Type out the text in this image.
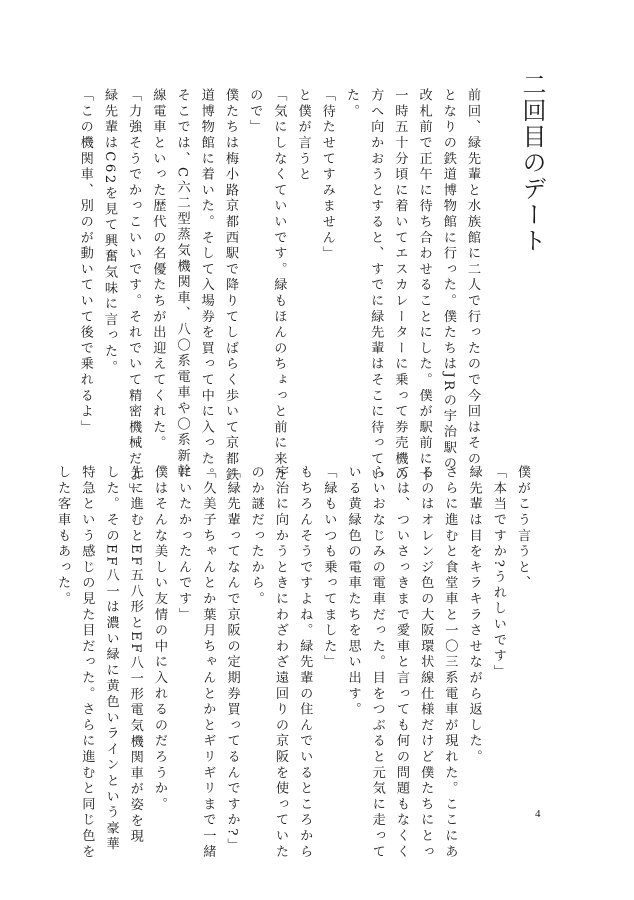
二回目のデート

前回、緑先輩と水族館に二人で行ったので今回はその

となりの鉄道博物館に行った。僕たちはJRの宇治駅の

改札前で正午に待ち合わせることにした。僕が駅前に十

一時五十分頃に着いてエスカレーターに乗って券売機の

方へ向かおうとすると、すでに緑先輩はそこに待ってい

た。

「待たせてすみません」

と僕が言うと

「気にしなくていいです。緑もほんのちょっと前に来た

ので」

僕たちは梅小路京都西駅で降りてしばらく歩いて京都鉄

道博物館に着いた。そして入場券を買って中に入った。

そこでは、C六二型蒸気機関車、八〇系電車や〇系新幹

線電車といった歴代の名優たちが出迎えてくれた。

「力強そうでかっこいいです。それでいて精密機械だよ」

緑先輩はC62を見て興奮気味に言った。

「この機関車、別のが動いていて後で乗れるよ」

僕がこう言うと、

「本当ですか?うれしいです」

緑先輩は目をキラキラさせながら返した。

さらに進むと食堂車と一〇三系電車が現れた。ここにあ

るのはオレンジ色の大阪環状線仕様だけど僕たちにとっ

ては、ついさっきまで愛車と言っても何の問題もなくく

らいおなじみの電車だった。目をつぶると元気に走って

いる黄緑色の電車たちを思い出す。

「緑もいつも乗ってました」

もちろんそうですよね。緑先輩の住んでいるところから

宇治に向かうときにわざわざ遠回りの京阪を使っていた

のか謎だったから。

「緑先輩ってなんで京阪の定期券買ってるんですか?」

「久美子ちゃんとか葉月ちゃんとかとギリギリまで一緒

にいたかったんです」

僕はそんな美しい友情の中に入れるのだろうか。

先に進むとEF五八形とEF八一形電気機関車が姿を現

した。そのEF八一は濃い緑に黄色いラインという豪華

特急という感じの見た目だった。さらに進むと同じ色を

した客車もあった。

4
